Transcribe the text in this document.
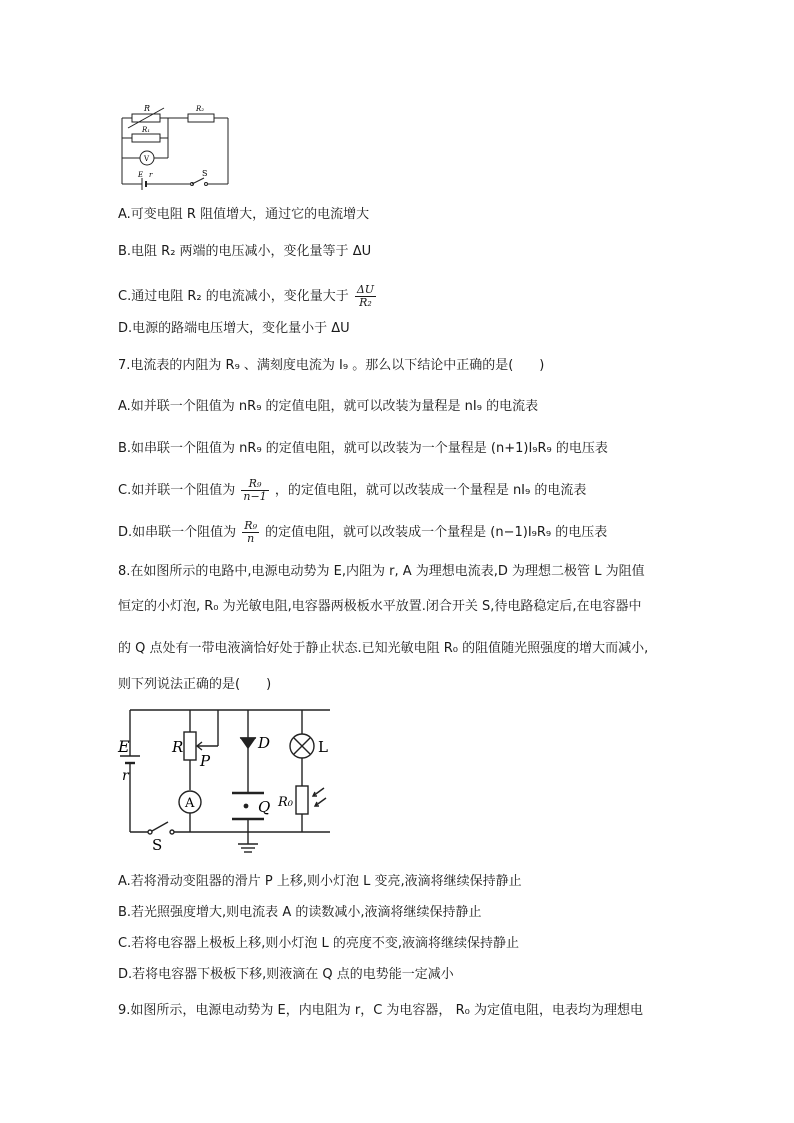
R	R₂
R₁
V
E r	S
A.可变电阻 R 阻值增大，通过它的电流增大
B.电阻 R₂ 两端的电压减小，变化量等于 ΔU
C.通过电阻 R₂ 的电流减小，变化量大于 $\frac{\Delta U}{\text{R₂}}$
D.电源的路端电压增大，变化量小于 ΔU
7.电流表的内阻为 R₉ 、满刻度电流为 I₉ 。那么以下结论中正确的是(　　)
A.如并联一个阻值为 nR₉ 的定值电阻，就可以改装为量程是 nI₉ 的电流表
B.如串联一个阻值为 nR₉ 的定值电阻，就可以改装为一个量程是 (n+1)I₉R₉ 的电压表
C.如并联一个阻值为 $\frac{\text{R₉}}{n-1}$ ，的定值电阻，就可以改装成一个量程是 nI₉ 的电流表
D.如串联一个阻值为 $\frac{\text{R₉}}{n}$ 的定值电阻，就可以改装成一个量程是 (n−1)I₉R₉ 的电压表
8.在如图所示的电路中,电源电动势为 E,内阻为 r, A 为理想电流表,D 为理想二极管 L 为阻值
恒定的小灯泡, R₀ 为光敏电阻,电容器两极板水平放置.闭合开关 S,待电路稳定后,在电容器中
的 Q 点处有一带电液滴恰好处于静止状态.已知光敏电阻 R₀ 的阻值随光照强度的增大而减小,
则下列说法正确的是(　　)
E
r
R
P
A
D
Q
L
R₀
S
A.若将滑动变阻器的滑片 P 上移,则小灯泡 L 变亮,液滴将继续保持静止
B.若光照强度增大,则电流表 A 的读数减小,液滴将继续保持静止
C.若将电容器上极板上移,则小灯泡 L 的亮度不变,液滴将继续保持静止
D.若将电容器下极板下移,则液滴在 Q 点的电势能一定减小
9.如图所示，电源电动势为 E，内电阻为 r，C 为电容器， R₀ 为定值电阻，电表均为理想电
